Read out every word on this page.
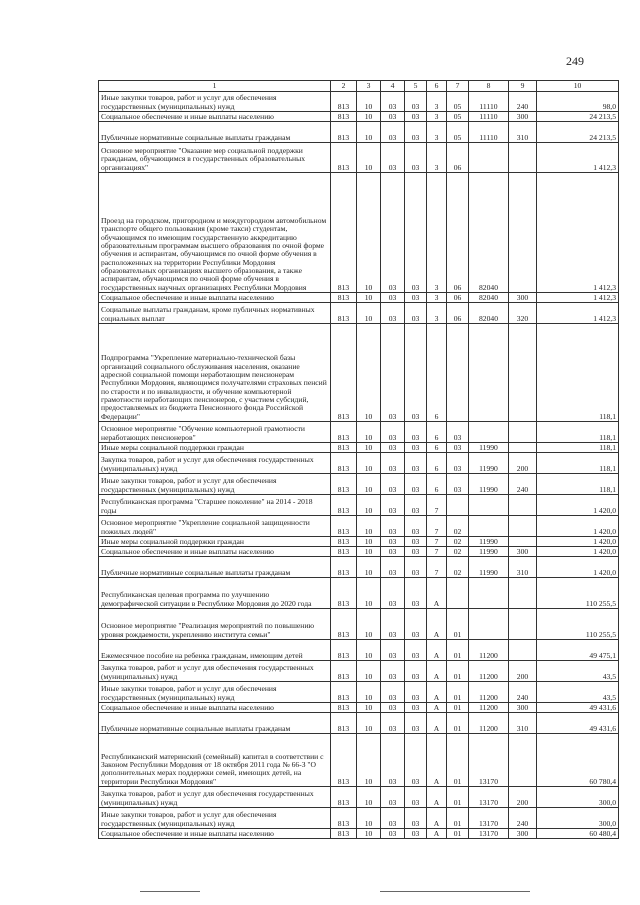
249
1	2	3	4	5	6	7	8	9	10
Иные закупки товаров, работ и услуг для обеспечения государственных (муниципальных) нужд	813	10	03	03	3	05	11110	240	98,0
Социальное обеспечение и иные выплаты населению	813	10	03	03	3	05	11110	300	24 213,5
Публичные нормативные социальные выплаты гражданам	813	10	03	03	3	05	11110	310	24 213,5
Основное мероприятие "Оказание мер социальной поддержки гражданам, обучающимся в государственных образовательных организациях"	813	10	03	03	3	06			1 412,3
Проезд на городском, пригородном и междугородном автомобильном транспорте общего пользования (кроме такси) студентам, обучающимся по имеющим государственную аккредитацию образовательным программам высшего образования по очной форме обучения и аспирантам, обучающимся по очной форме обучения в расположенных на территории Республики Мордовия образовательных организациях высшего образования, а также аспирантам, обучающимся по очной форме обучения в государственных научных организациях Республики Мордовия	813	10	03	03	3	06	82040		1 412,3
Социальное обеспечение и иные выплаты населению	813	10	03	03	3	06	82040	300	1 412,3
Социальные выплаты гражданам, кроме публичных нормативных социальных выплат	813	10	03	03	3	06	82040	320	1 412,3
Подпрограмма "Укрепление материально-технической базы организаций социального обслуживания населения, оказание адресной социальной помощи неработающим пенсионерам Республики Мордовия, являющимся получателями страховых пенсий по старости и по инвалидности, и обучение компьютерной грамотности неработающих пенсионеров, с участием субсидий, предоставляемых из бюджета Пенсионного фонда Российской Федерации"	813	10	03	03	6				118,1
Основное мероприятие "Обучение компьютерной грамотности неработающих пенсионеров"	813	10	03	03	6	03			118,1
Иные меры социальной поддержки граждан	813	10	03	03	6	03	11990		118,1
Закупка товаров, работ и услуг для обеспечения государственных (муниципальных) нужд	813	10	03	03	6	03	11990	200	118,1
Иные закупки товаров, работ и услуг для обеспечения государственных (муниципальных) нужд	813	10	03	03	6	03	11990	240	118,1
Республиканская программа "Старшее поколение" на 2014 - 2018 годы	813	10	03	03	7				1 420,0
Основное мероприятие "Укрепление социальной защищенности пожилых людей"	813	10	03	03	7	02			1 420,0
Иные меры социальной поддержки граждан	813	10	03	03	7	02	11990		1 420,0
Социальное обеспечение и иные выплаты населению	813	10	03	03	7	02	11990	300	1 420,0
Публичные нормативные социальные выплаты гражданам	813	10	03	03	7	02	11990	310	1 420,0
Республиканская целевая программа по улучшению демографической ситуации в Республике Мордовия до 2020 года	813	10	03	03	А				110 255,5
Основное мероприятие "Реализация мероприятий по повышению уровня рождаемости, укреплению института семьи"	813	10	03	03	А	01			110 255,5
Ежемесячное пособие на ребенка гражданам, имеющим детей	813	10	03	03	А	01	11200		49 475,1
Закупка товаров, работ и услуг для обеспечения государственных (муниципальных) нужд	813	10	03	03	А	01	11200	200	43,5
Иные закупки товаров, работ и услуг для обеспечения государственных (муниципальных) нужд	813	10	03	03	А	01	11200	240	43,5
Социальное обеспечение и иные выплаты населению	813	10	03	03	А	01	11200	300	49 431,6
Публичные нормативные социальные выплаты гражданам	813	10	03	03	А	01	11200	310	49 431,6
Республиканский материнский (семейный) капитал в соответствии с Законом Республики Мордовия от 18 октября 2011 года № 66-З "О дополнительных мерах поддержки семей, имеющих детей, на территории Республики Мордовия"	813	10	03	03	А	01	13170		60 780,4
Закупка товаров, работ и услуг для обеспечения государственных (муниципальных) нужд	813	10	03	03	А	01	13170	200	300,0
Иные закупки товаров, работ и услуг для обеспечения государственных (муниципальных) нужд	813	10	03	03	А	01	13170	240	300,0
Социальное обеспечение и иные выплаты населению	813	10	03	03	А	01	13170	300	60 480,4
